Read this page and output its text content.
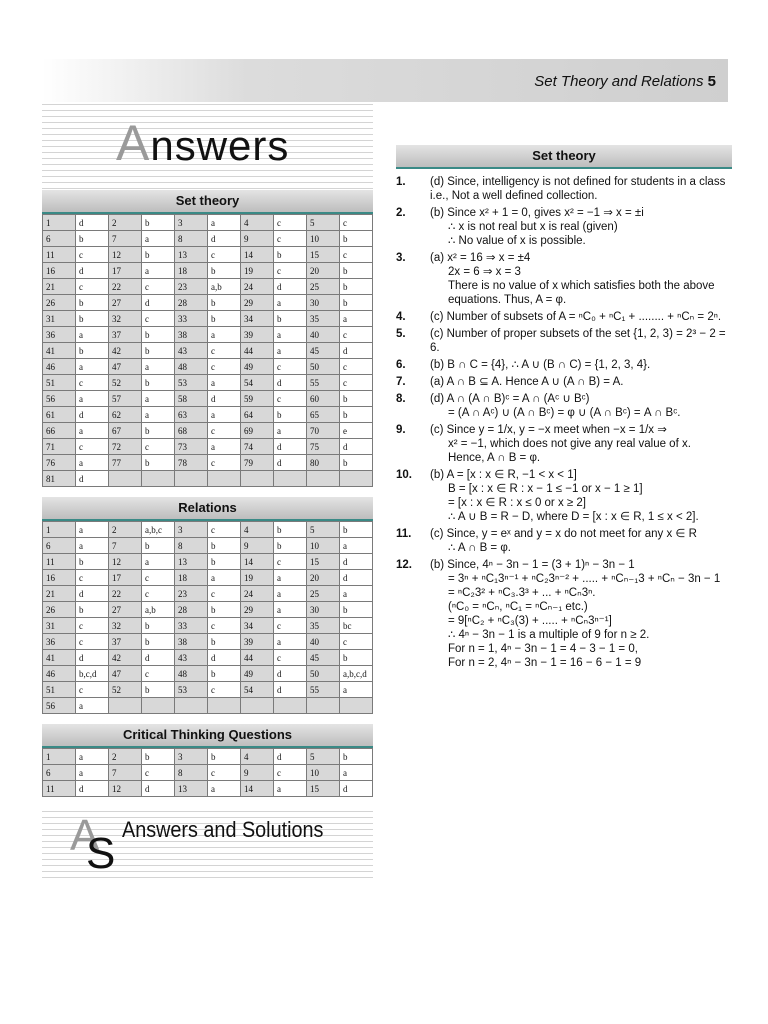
Set Theory and Relations 5
Answers
Set theory
1	d	2	b	3	a	4	c	5	c
6	b	7	a	8	d	9	c	10	b
11	c	12	b	13	c	14	b	15	c
16	d	17	a	18	b	19	c	20	b
21	c	22	c	23	a,b	24	d	25	b
26	b	27	d	28	b	29	a	30	b
31	b	32	c	33	b	34	b	35	a
36	a	37	b	38	a	39	a	40	c
41	b	42	b	43	c	44	a	45	d
46	a	47	a	48	c	49	c	50	c
51	c	52	b	53	a	54	d	55	c
56	a	57	a	58	d	59	c	60	b
61	d	62	a	63	a	64	b	65	b
66	a	67	b	68	c	69	a	70	e
71	c	72	c	73	a	74	d	75	d
76	a	77	b	78	c	79	d	80	b
81	d								
Relations
1	a	2	a,b,c	3	c	4	b	5	b
6	a	7	b	8	b	9	b	10	a
11	b	12	a	13	b	14	c	15	d
16	c	17	c	18	a	19	a	20	d
21	d	22	c	23	c	24	a	25	a
26	b	27	a,b	28	b	29	a	30	b
31	c	32	b	33	c	34	c	35	bc
36	c	37	b	38	b	39	a	40	c
41	d	42	d	43	d	44	c	45	b
46	b,c,d	47	c	48	b	49	d	50	a,b,c,d
51	c	52	b	53	c	54	d	55	a
56	a								
Critical Thinking Questions
1	a	2	b	3	b	4	d	5	b
6	a	7	c	8	c	9	c	10	a
11	d	12	d	13	a	14	a	15	d
A
S Answers and Solutions
Set theory
1. (d) Since, intelligency is not defined for students in a class i.e., Not a well defined collection.
2. (b) Since x² + 1 = 0, gives x² = −1 ⇒ x = ±i
∴ x is not real but x is real (given)
∴ No value of x is possible.
3. (a) x² = 16 ⇒ x = ±4
2x = 6 ⇒ x = 3
There is no value of x which satisfies both the above equations. Thus, A = φ.
4. (c) Number of subsets of A = ⁿC₀ + ⁿC₁ + ........ + ⁿCₙ = 2ⁿ.
5. (c) Number of proper subsets of the set {1, 2, 3) = 2³ − 2 = 6.
6. (b) B ∩ C = {4}, ∴ A ∪ (B ∩ C) = {1, 2, 3, 4}.
7. (a) A ∩ B ⊆ A. Hence A ∪ (A ∩ B) = A.
8. (d) A ∩ (A ∩ B)ᶜ = A ∩ (Aᶜ ∪ Bᶜ)
= (A ∩ Aᶜ) ∪ (A ∩ Bᶜ) = φ ∪ (A ∩ Bᶜ) = A ∩ Bᶜ.
9. (c) Since y = 1/x, y = −x meet when −x = 1/x ⇒
x² = −1, which does not give any real value of x.
Hence, A ∩ B = φ.
10. (b) A = [x : x ∈ R, −1 < x < 1]
B = [x : x ∈ R : x − 1 ≤ −1 or x − 1 ≥ 1]
= [x : x ∈ R : x ≤ 0 or x ≥ 2]
∴ A ∪ B = R − D, where D = [x : x ∈ R, 1 ≤ x < 2].
11. (c) Since, y = eˣ and y = x do not meet for any x ∈ R
∴ A ∩ B = φ.
12. (b) Since, 4ⁿ − 3n − 1 = (3 + 1)ⁿ − 3n − 1
= 3ⁿ + ⁿC₁3ⁿ⁻¹ + ⁿC₂3ⁿ⁻² + ..... + ⁿCₙ₋₁3 + ⁿCₙ − 3n − 1
= ⁿC₂3² + ⁿC₃.3³ + ... + ⁿCₙ3ⁿ.
(ⁿC₀ = ⁿCₙ, ⁿC₁ = ⁿCₙ₋₁ etc.)
= 9[ⁿC₂ + ⁿC₃(3) + ..... + ⁿCₙ3ⁿ⁻¹]
∴ 4ⁿ − 3n − 1 is a multiple of 9 for n ≥ 2.
For n = 1, 4ⁿ − 3n − 1 = 4 − 3 − 1 = 0,
For n = 2, 4ⁿ − 3n − 1 = 16 − 6 − 1 = 9
